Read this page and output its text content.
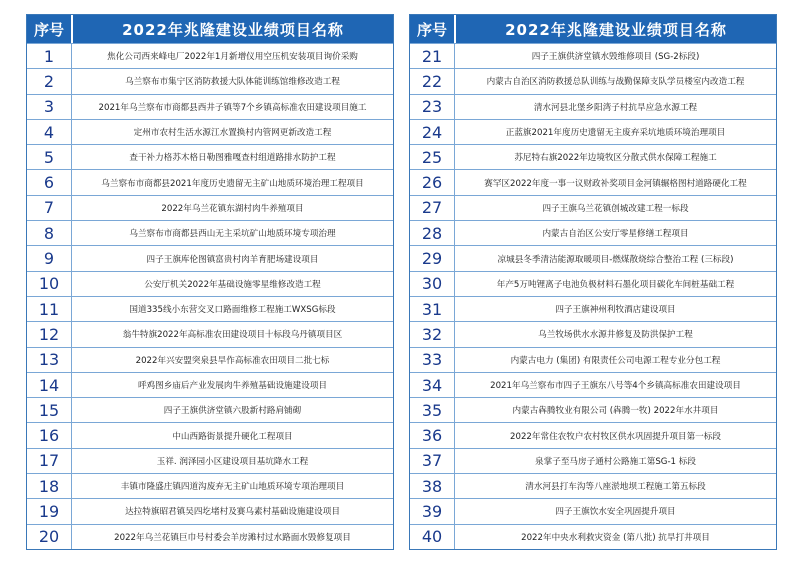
序号	2022年兆隆建设业绩项目名称
1	焦化公司西来峰电厂2022年1月新增仪用空压机安装项目询价采购
2	乌兰察布市集宁区消防救援大队体能训练馆维修改造工程
3	2021年乌兰察布市商都县西井子镇等7个乡镇高标准农田建设项目施工
4	定州市农村生活水源江水置换村内管网更新改造工程
5	查干补力格苏木格日勒图雅嘎查村组道路排水防护工程
6	乌兰察布市商都县2021年度历史遗留无主矿山地质环境治理工程项目
7	2022年乌兰花镇东湖村肉牛养殖项目
8	乌兰察布市商都县西山无主采坑矿山地质环境专项治理
9	四子王旗库伦图镇富贵村肉羊育肥场建设项目
10	公安厅机关2022年基础设施零星维修改造工程
11	国道335线小东营交叉口路面维修工程施工WXSG标段
12	翁牛特旗2022年高标准农田建设项目十标段乌丹镇项目区
13	2022年兴安盟突泉县旱作高标准农田项目二批七标
14	呼鸡图乡庙后产业发展肉牛养殖基础设施建设项目
15	四子王旗供济堂镇六股新村路肩铺砌
16	中山西路街景提升硬化工程项目
17	玉祥. 润泽园小区建设项目基坑降水工程
18	丰镇市隆盛庄镇四道沟废弃无主矿山地质环境专项治理项目
19	达拉特旗昭君镇吴四圪堵村及赛乌素村基础设施建设项目
20	2022年乌兰花镇巨巾号村委会羊房滩村过水路面水毁修复项目
序号	2022年兆隆建设业绩项目名称
21	四子王旗供济堂镇水毁维修项目 (SG-2标段)
22	内蒙古自治区消防救援总队训练与战勤保障支队学员楼室内改造工程
23	清水河县北堡乡阳湾子村抗旱应急水源工程
24	正蓝旗2021年度历史遗留无主废弃采坑地质环境治理项目
25	苏尼特右旗2022年边境牧区分散式供水保障工程施工
26	赛罕区2022年度一事一议财政补奖项目金河镇辗格图村道路硬化工程
27	四子王旗乌兰花镇创城改建工程一标段
28	内蒙古自治区公安厅零星修缮工程项目
29	凉城县冬季清洁能源取暖项目-燃煤散烧综合整治工程 (三标段)
30	年产5万吨锂离子电池负极材料石墨化项目碳化车间桩基础工程
31	四子王旗神州利牧酒店建设项目
32	乌兰牧场供水水源井修复及防洪保护工程
33	内蒙古电力 (集团) 有限责任公司电源工程专业分包工程
34	2021年乌兰察布市四子王旗东八号等4个乡镇高标准农田建设项目
35	内蒙古犇腾牧业有限公司 (犇腾一牧) 2022年水井项目
36	2022年常住农牧户农村牧区供水巩固提升项目第一标段
37	泉掌子至马房子通村公路施工第SG-1 标段
38	清水河县打车沟等八座淤地坝工程施工第五标段
39	四子王旗饮水安全巩固提升项目
40	2022年中央水利救灾资金 (第八批) 抗旱打井项目
